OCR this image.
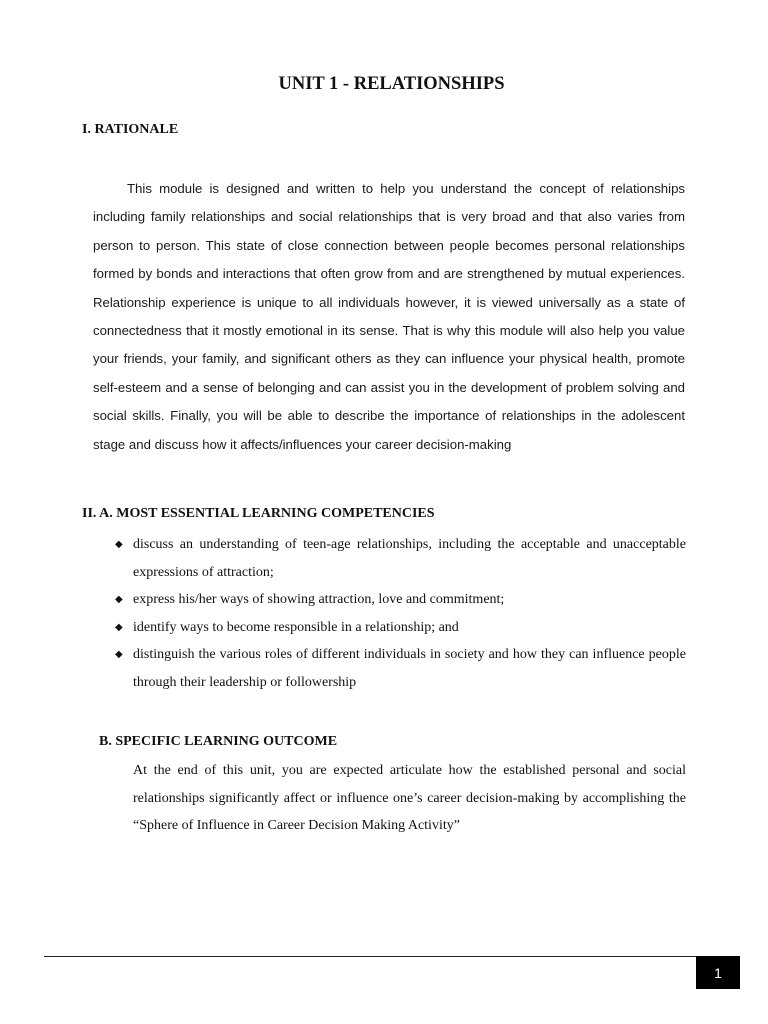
UNIT 1 - RELATIONSHIPS
I. RATIONALE

This module is designed and written to help you understand the concept of relationships including family relationships and social relationships that is very broad and that also varies from person to person. This state of close connection between people becomes personal relationships formed by bonds and interactions that often grow from and are strengthened by mutual experiences. Relationship experience is unique to all individuals however, it is viewed universally as a state of connectedness that it mostly emotional in its sense. That is why this module will also help you value your friends, your family, and significant others as they can influence your physical health, promote self-esteem and a sense of belonging and can assist you in the development of problem solving and social skills. Finally, you will be able to describe the importance of relationships in the adolescent stage and discuss how it affects/influences your career decision-making

II. A. MOST ESSENTIAL LEARNING COMPETENCIES
◆ discuss an understanding of teen-age relationships, including the acceptable and unacceptable expressions of attraction;
◆ express his/her ways of showing attraction, love and commitment;
◆ identify ways to become responsible in a relationship; and
◆ distinguish the various roles of different individuals in society and how they can influence people through their leadership or followership
B. SPECIFIC LEARNING OUTCOME

At the end of this unit, you are expected articulate how the established personal and social relationships significantly affect or influence one’s career decision-making by accomplishing the “Sphere of Influence in Career Decision Making Activity”

1
